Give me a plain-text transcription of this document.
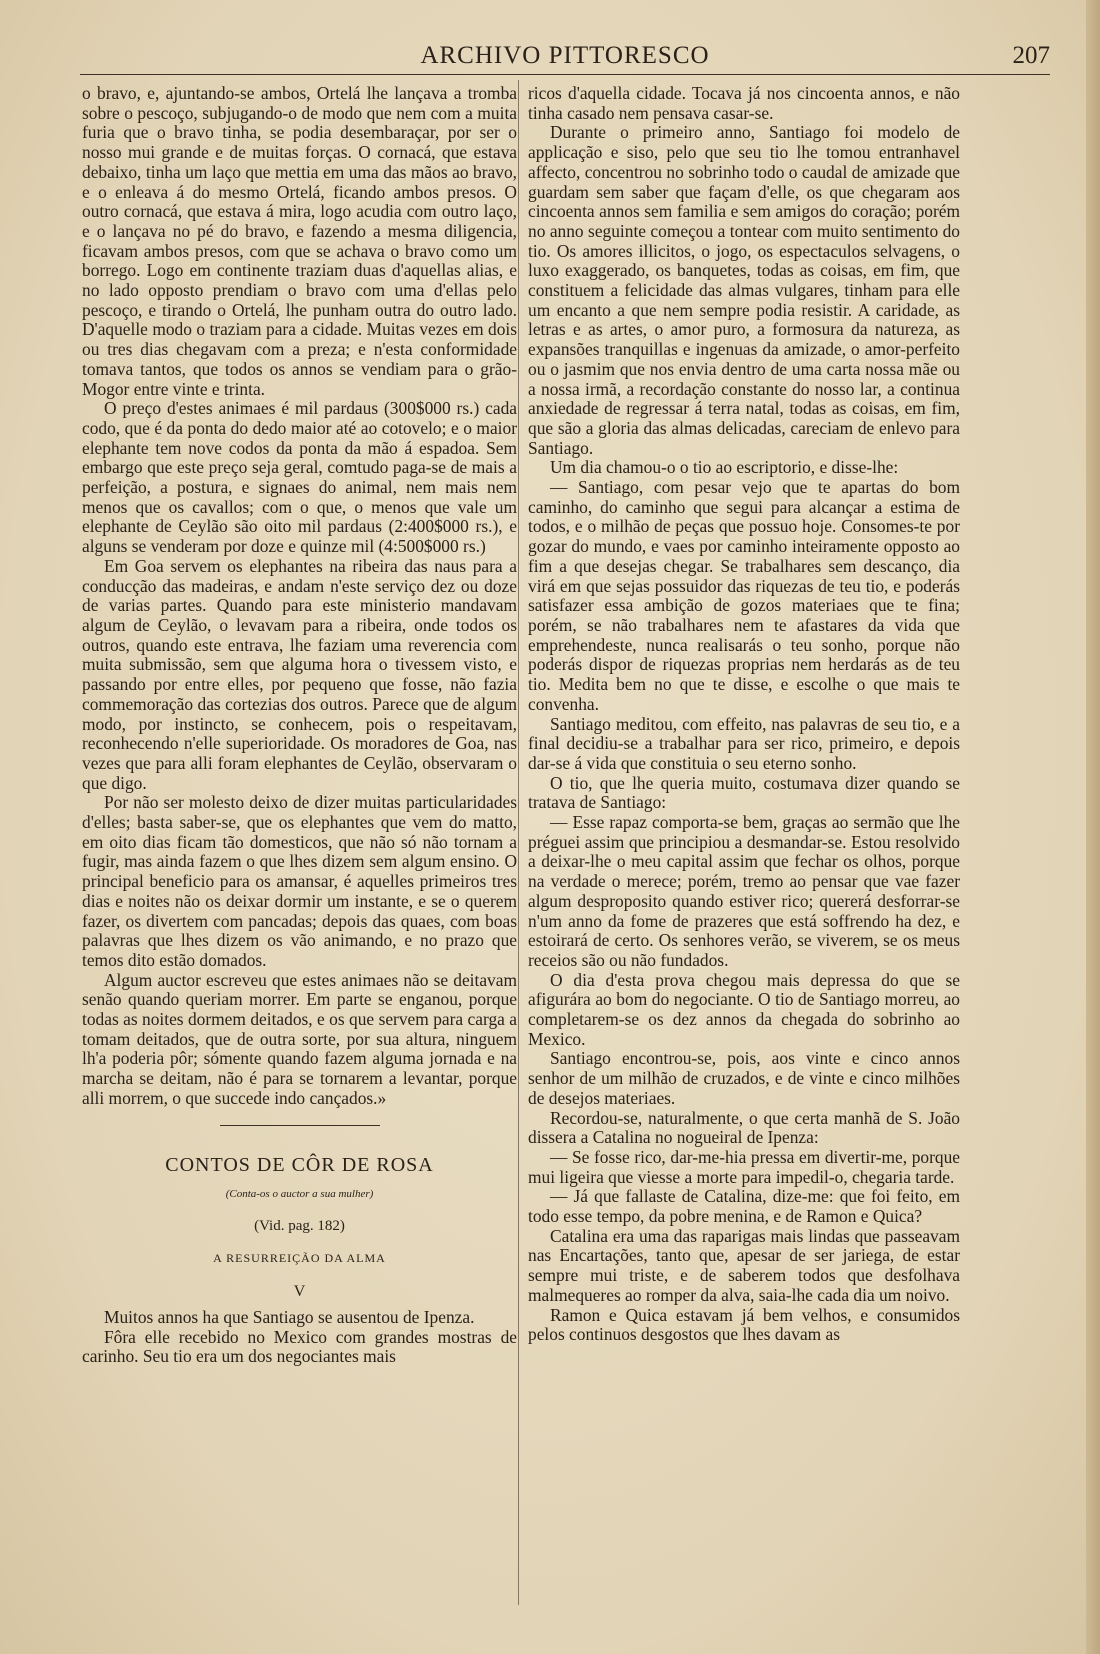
ARCHIVO PITTORESCO	207

o bravo, e, ajuntando-se ambos, Ortelá lhe lançava a tromba sobre o pescoço, subjugando-o de modo que nem com a muita furia que o bravo tinha, se podia desembaraçar, por ser o nosso mui grande e de muitas forças. O cornacá, que estava debaixo, tinha um laço que mettia em uma das mãos ao bravo, e o enleava á do mesmo Ortelá, ficando ambos presos. O outro cornacá, que estava á mira, logo acudia com outro laço, e o lançava no pé do bravo, e fazendo a mesma diligencia, ficavam ambos presos, com que se achava o bravo como um borrego. Logo em continente traziam duas d'aquellas alias, e no lado opposto prendiam o bravo com uma d'ellas pelo pescoço, e tirando o Ortelá, lhe punham outra do outro lado. D'aquelle modo o traziam para a cidade. Muitas vezes em dois ou tres dias chegavam com a preza; e n'esta conformidade tomava tantos, que todos os annos se vendiam para o grão-Mogor entre vinte e trinta.

O preço d'estes animaes é mil pardaus (300$000 rs.) cada codo, que é da ponta do dedo maior até ao cotovelo; e o maior elephante tem nove codos da ponta da mão á espadoa. Sem embargo que este preço seja geral, comtudo paga-se de mais a perfeição, a postura, e signaes do animal, nem mais nem menos que os cavallos; com o que, o menos que vale um elephante de Ceylão são oito mil pardaus (2:400$000 rs.), e alguns se venderam por doze e quinze mil (4:500$000 rs.)

Em Goa servem os elephantes na ribeira das naus para a conducção das madeiras, e andam n'este serviço dez ou doze de varias partes. Quando para este ministerio mandavam algum de Ceylão, o levavam para a ribeira, onde todos os outros, quando este entrava, lhe faziam uma reverencia com muita submissão, sem que alguma hora o tivessem visto, e passando por entre elles, por pequeno que fosse, não fazia commemoração das cortezias dos outros. Parece que de algum modo, por instincto, se conhecem, pois o respeitavam, reconhecendo n'elle superioridade. Os moradores de Goa, nas vezes que para alli foram elephantes de Ceylão, observaram o que digo.

Por não ser molesto deixo de dizer muitas particularidades d'elles; basta saber-se, que os elephantes que vem do matto, em oito dias ficam tão domesticos, que não só não tornam a fugir, mas ainda fazem o que lhes dizem sem algum ensino. O principal beneficio para os amansar, é aquelles primeiros tres dias e noites não os deixar dormir um instante, e se o querem fazer, os divertem com pancadas; depois das quaes, com boas palavras que lhes dizem os vão animando, e no prazo que temos dito estão domados.

Algum auctor escreveu que estes animaes não se deitavam senão quando queriam morrer. Em parte se enganou, porque todas as noites dormem deitados, e os que servem para carga a tomam deitados, que de outra sorte, por sua altura, ninguem lh'a poderia pôr; sómente quando fazem alguma jornada e na marcha se deitam, não é para se tornarem a levantar, porque alli morrem, o que succede indo cançados.»

CONTOS DE CÔR DE ROSA
(Conta-os o auctor a sua mulher)
(Vid. pag. 182)
A RESURREIÇÃO DA ALMA
V

Muitos annos ha que Santiago se ausentou de Ipenza.

Fôra elle recebido no Mexico com grandes mostras de carinho. Seu tio era um dos negociantes mais

ricos d'aquella cidade. Tocava já nos cincoenta annos, e não tinha casado nem pensava casar-se.

Durante o primeiro anno, Santiago foi modelo de applicação e siso, pelo que seu tio lhe tomou entranhavel affecto, concentrou no sobrinho todo o caudal de amizade que guardam sem saber que façam d'elle, os que chegaram aos cincoenta annos sem familia e sem amigos do coração; porém no anno seguinte começou a tontear com muito sentimento do tio. Os amores illicitos, o jogo, os espectaculos selvagens, o luxo exaggerado, os banquetes, todas as coisas, em fim, que constituem a felicidade das almas vulgares, tinham para elle um encanto a que nem sempre podia resistir. A caridade, as letras e as artes, o amor puro, a formosura da natureza, as expansões tranquillas e ingenuas da amizade, o amor-perfeito ou o jasmim que nos envia dentro de uma carta nossa mãe ou a nossa irmã, a recordação constante do nosso lar, a continua anxiedade de regressar á terra natal, todas as coisas, em fim, que são a gloria das almas delicadas, careciam de enlevo para Santiago.

Um dia chamou-o o tio ao escriptorio, e disse-lhe:

— Santiago, com pesar vejo que te apartas do bom caminho, do caminho que segui para alcançar a estima de todos, e o milhão de peças que possuo hoje. Consomes-te por gozar do mundo, e vaes por caminho inteiramente opposto ao fim a que desejas chegar. Se trabalhares sem descanço, dia virá em que sejas possuidor das riquezas de teu tio, e poderás satisfazer essa ambição de gozos materiaes que te fina; porém, se não trabalhares nem te afastares da vida que emprehendeste, nunca realisarás o teu sonho, porque não poderás dispor de riquezas proprias nem herdarás as de teu tio. Medita bem no que te disse, e escolhe o que mais te convenha.

Santiago meditou, com effeito, nas palavras de seu tio, e a final decidiu-se a trabalhar para ser rico, primeiro, e depois dar-se á vida que constituia o seu eterno sonho.

O tio, que lhe queria muito, costumava dizer quando se tratava de Santiago:

— Esse rapaz comporta-se bem, graças ao sermão que lhe préguei assim que principiou a desmandar-se. Estou resolvido a deixar-lhe o meu capital assim que fechar os olhos, porque na verdade o merece; porém, tremo ao pensar que vae fazer algum desproposito quando estiver rico; quererá desforrar-se n'um anno da fome de prazeres que está soffrendo ha dez, e estoirará de certo. Os senhores verão, se viverem, se os meus receios são ou não fundados.

O dia d'esta prova chegou mais depressa do que se afigurára ao bom do negociante. O tio de Santiago morreu, ao completarem-se os dez annos da chegada do sobrinho ao Mexico.

Santiago encontrou-se, pois, aos vinte e cinco annos senhor de um milhão de cruzados, e de vinte e cinco milhões de desejos materiaes.

Recordou-se, naturalmente, o que certa manhã de S. João dissera a Catalina no nogueiral de Ipenza:

— Se fosse rico, dar-me-hia pressa em divertir-me, porque mui ligeira que viesse a morte para impedil-o, chegaria tarde.

— Já que fallaste de Catalina, dize-me: que foi feito, em todo esse tempo, da pobre menina, e de Ramon e Quica?

Catalina era uma das raparigas mais lindas que passeavam nas Encartações, tanto que, apesar de ser jariega, de estar sempre mui triste, e de saberem todos que desfolhava malmequeres ao romper da alva, saia-lhe cada dia um noivo.

Ramon e Quica estavam já bem velhos, e consumidos pelos continuos desgostos que lhes davam as
